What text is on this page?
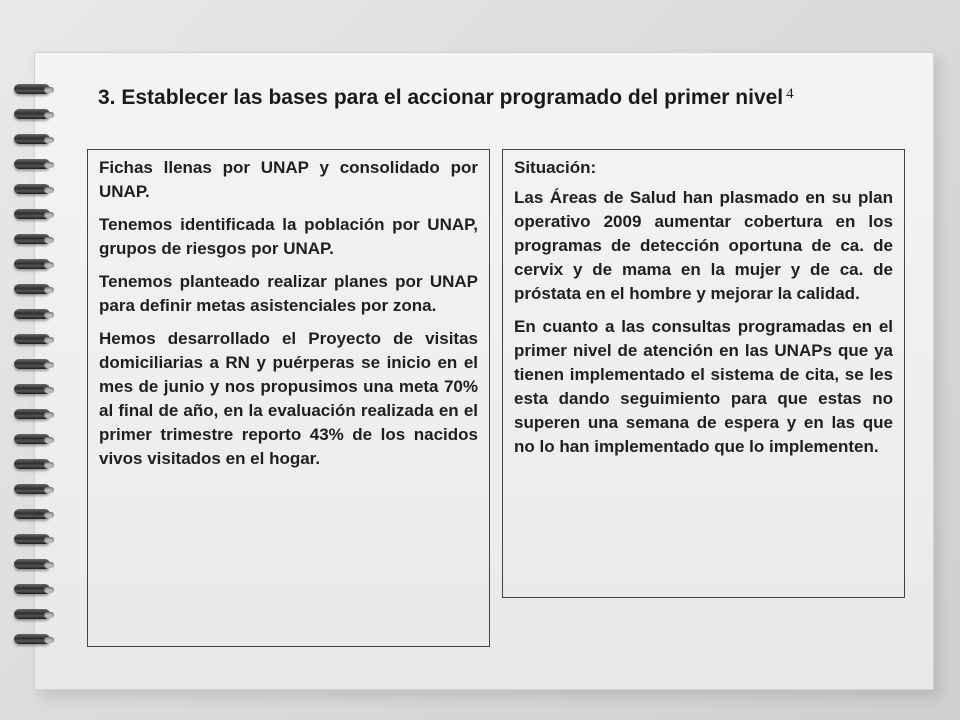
3. Establecer las bases para el accionar programado del primer nivel $^4$

Fichas llenas por UNAP y consolidado por UNAP.

Tenemos identificada la población por UNAP, grupos de riesgos por UNAP.

Tenemos planteado realizar planes por UNAP para definir metas asistenciales por zona.

Hemos desarrollado el Proyecto de visitas domiciliarias a RN y puérperas se inicio en el mes de junio y nos propusimos una meta 70% al final de año, en la evaluación realizada en el primer trimestre reporto 43% de los nacidos vivos visitados en el hogar.

Situación:

Las Áreas de Salud han plasmado en su plan operativo 2009 aumentar cobertura en los programas de detección oportuna de ca. de cervix y de mama en la mujer y de ca. de próstata en el hombre y mejorar la calidad.

En cuanto a las consultas programadas en el primer nivel de atención en las UNAPs que ya tienen implementado el sistema de cita, se les esta dando seguimiento para que estas no superen una semana de espera y en las que no lo han implementado que lo implementen.
